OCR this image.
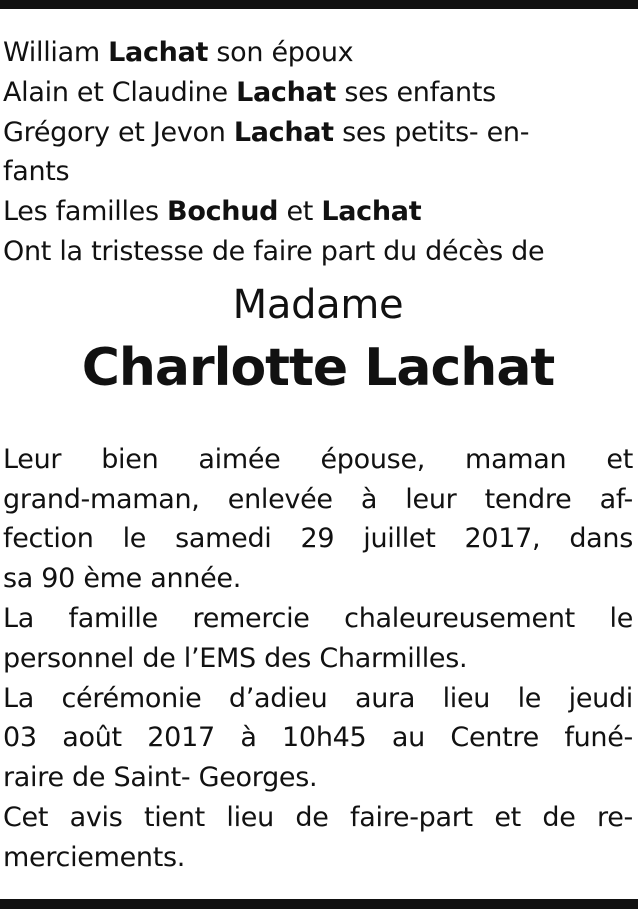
William Lachat son époux
Alain et Claudine Lachat ses enfants
Grégory et Jevon Lachat ses petits- en-
fants
Les familles Bochud et Lachat
Ont la tristesse de faire part du décès de
Madame
Charlotte Lachat
Leur bien aimée épouse, maman et
grand-maman, enlevée à leur tendre af-
fection le samedi 29 juillet 2017, dans
sa 90 ème année.
La famille remercie chaleureusement le
personnel de l’EMS des Charmilles.
La cérémonie d’adieu aura lieu le jeudi
03 août 2017 à 10h45 au Centre funé-
raire de Saint- Georges.
Cet avis tient lieu de faire-part et de re-
merciements.
